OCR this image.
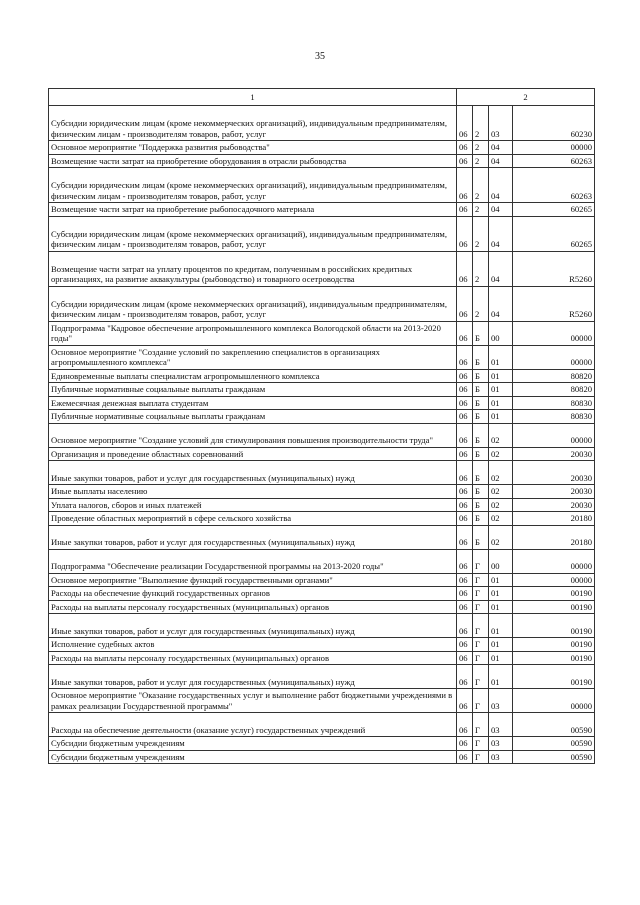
35
1	2			
Субсидии юридическим лицам (кроме некоммерческих организаций), индивидуальным предпринимателям, физическим лицам - производителям товаров, работ, услуг	06	2	03	60230
Основное мероприятие "Поддержка развития рыбоводства"	06	2	04	00000
Возмещение части затрат на приобретение оборудования в отрасли рыбоводства	06	2	04	60263
Субсидии юридическим лицам (кроме некоммерческих организаций), индивидуальным предпринимателям, физическим лицам - производителям товаров, работ, услуг	06	2	04	60263
Возмещение части затрат на приобретение рыбопосадочного материала	06	2	04	60265
Субсидии юридическим лицам (кроме некоммерческих организаций), индивидуальным предпринимателям, физическим лицам - производителям товаров, работ, услуг	06	2	04	60265
Возмещение части затрат на уплату процентов по кредитам, полученным в российских кредитных организациях, на развитие аквакультуры (рыбоводство) и товарного осетроводства	06	2	04	R5260
Субсидии юридическим лицам (кроме некоммерческих организаций), индивидуальным предпринимателям, физическим лицам - производителям товаров, работ, услуг	06	2	04	R5260
Подпрограмма "Кадровое обеспечение агропромышленного комплекса Вологодской области на 2013-2020 годы"	06	Б	00	00000
Основное мероприятие "Создание условий по закреплению специалистов в организациях агропромышленного комплекса"	06	Б	01	00000
Единовременные выплаты специалистам агропромышленного комплекса	06	Б	01	80820
Публичные нормативные социальные выплаты гражданам	06	Б	01	80820
Ежемесячная денежная выплата студентам	06	Б	01	80830
Публичные нормативные социальные выплаты гражданам	06	Б	01	80830
Основное мероприятие "Создание условий для стимулирования повышения производительности труда"	06	Б	02	00000
Организация и проведение областных соревнований	06	Б	02	20030
Иные закупки товаров, работ и услуг для государственных (муниципальных) нужд	06	Б	02	20030
Иные выплаты населению	06	Б	02	20030
Уплата налогов, сборов и иных платежей	06	Б	02	20030
Проведение областных мероприятий в сфере сельского хозяйства	06	Б	02	20180
Иные закупки товаров, работ и услуг для государственных (муниципальных) нужд	06	Б	02	20180
Подпрограмма "Обеспечение реализации Государственной программы на 2013-2020 годы"	06	Г	00	00000
Основное мероприятие "Выполнение функций государственными органами"	06	Г	01	00000
Расходы на обеспечение функций государственных органов	06	Г	01	00190
Расходы на выплаты персоналу государственных (муниципальных) органов	06	Г	01	00190
Иные закупки товаров, работ и услуг для государственных (муниципальных) нужд	06	Г	01	00190
Исполнение судебных актов	06	Г	01	00190
Расходы на выплаты персоналу государственных (муниципальных) органов	06	Г	01	00190
Иные закупки товаров, работ и услуг для государственных (муниципальных) нужд	06	Г	01	00190
Основное мероприятие "Оказание государственных услуг и выполнение работ бюджетными учреждениями в рамках реализации Государственной программы"	06	Г	03	00000
Расходы на обеспечение деятельности (оказание услуг) государственных учреждений	06	Г	03	00590
Субсидии бюджетным учреждениям	06	Г	03	00590
Субсидии бюджетным учреждениям	06	Г	03	00590
